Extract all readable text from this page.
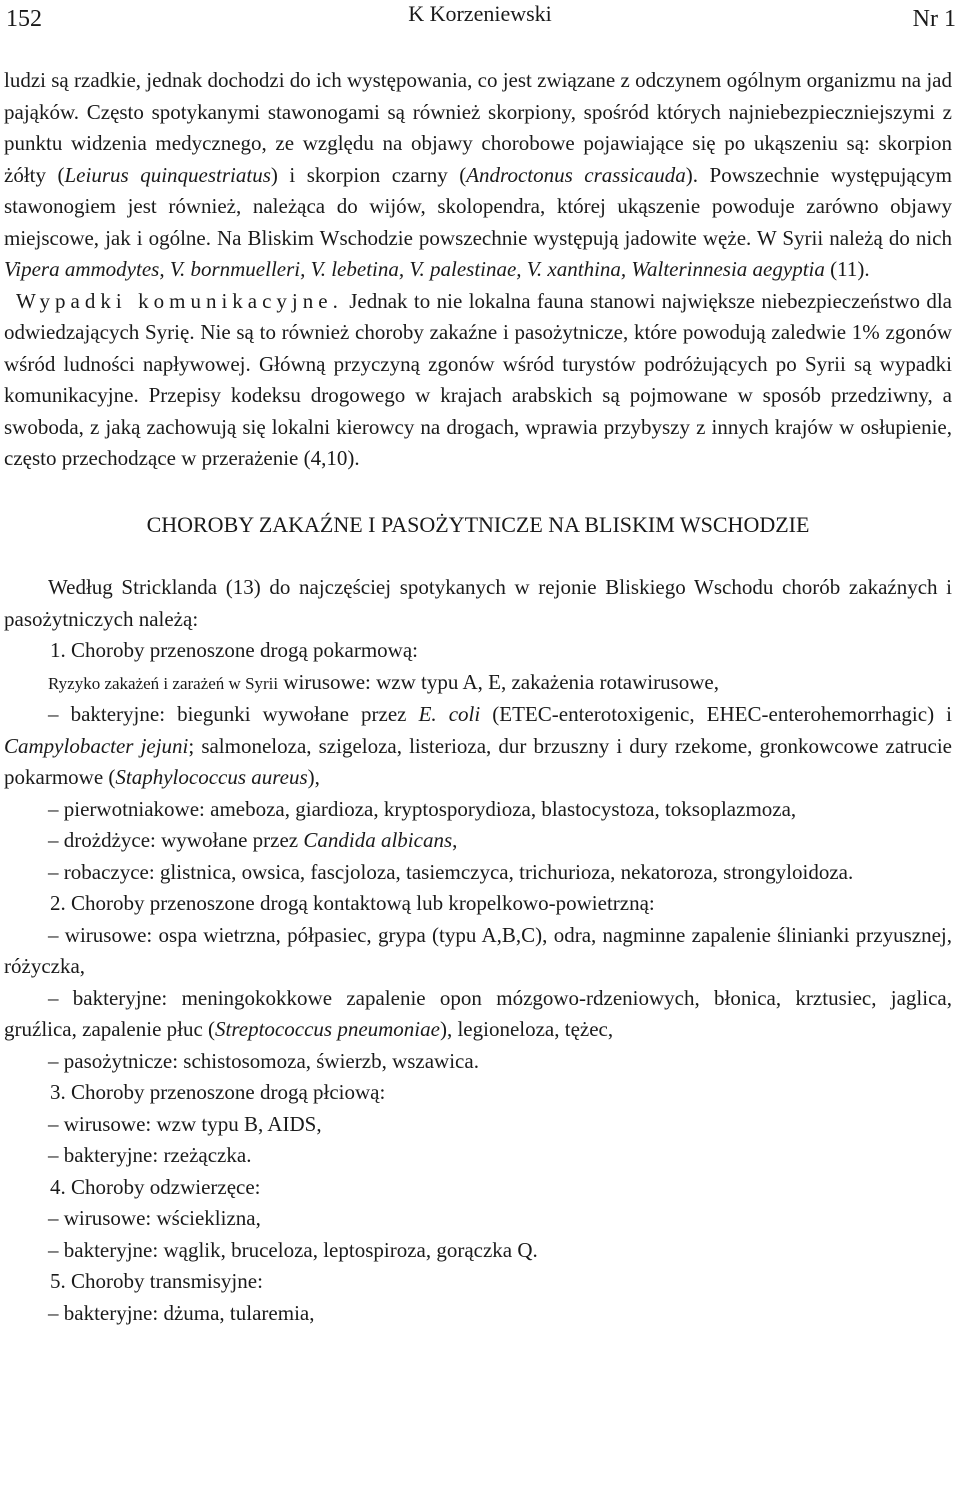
152	K Korzeniewski	Nr 1

ludzi są rzadkie, jednak dochodzi do ich występowania, co jest związane z odczynem ogólnym organizmu na jad pająków. Często spotykanymi stawonogami są również skorpiony, spośród których najniebezpieczniejszymi z punktu widzenia medycznego, ze względu na objawy chorobowe pojawiające się po ukąszeniu są: skorpion żółty (Leiurus quinquestriatus) i skorpion czarny (Androctonus crassicauda). Powszechnie występującym stawonogiem jest również, należąca do wijów, skolopendra, której ukąszenie powoduje zarówno objawy miejscowe, jak i ogólne. Na Bliskim Wschodzie powszechnie występują jadowite węże. W Syrii należą do nich Vipera ammodytes, V. bornmuelleri, V. lebetina, V. palestinae, V. xanthina, Walterinnesia aegyptia (11).

Wypadki komunikacyjne. Jednak to nie lokalna fauna stanowi największe niebezpieczeństwo dla odwiedzających Syrię. Nie są to również choroby zakaźne i pasożytnicze, które powodują zaledwie 1% zgonów wśród ludności napływowej. Główną przyczyną zgonów wśród turystów podróżujących po Syrii są wypadki komunikacyjne. Przepisy kodeksu drogowego w krajach arabskich są pojmowane w sposób przedziwny, a swoboda, z jaką zachowują się lokalni kierowcy na drogach, wprawia przybyszy z innych krajów w osłupienie, często przechodzące w przerażenie (4,10).

CHOROBY ZAKAŹNE I PASOŻYTNICZE NA BLISKIM WSCHODZIE

Według Stricklanda (13) do najczęściej spotykanych w rejonie Bliskiego Wschodu chorób zakaźnych i pasożytniczych należą:

1. Choroby przenoszone drogą pokarmową:

Ryzyko zakażeń i zarażeń w Syrii wirusowe: wzw typu A, E, zakażenia rotawirusowe,

– bakteryjne: biegunki wywołane przez E. coli (ETEC-enterotoxigenic, EHEC-enterohemorrhagic) i Campylobacter jejuni; salmoneloza, szigeloza, listerioza, dur brzuszny i dury rzekome, gronkowcowe zatrucie pokarmowe (Staphylococcus aureus),

– pierwotniakowe: ameboza, giardioza, kryptosporydioza, blastocystoza, toksoplazmoza,

– drożdżyce: wywołane przez Candida albicans,

– robaczyce: glistnica, owsica, fascjoloza, tasiemczyca, trichurioza, nekatoroza, strongyloidoza.

2. Choroby przenoszone drogą kontaktową lub kropelkowo-powietrzną:

– wirusowe: ospa wietrzna, półpasiec, grypa (typu A,B,C), odra, nagminne zapalenie ślinianki przyusznej, różyczka,

– bakteryjne: meningokokkowe zapalenie opon mózgowo-rdzeniowych, błonica, krztusiec, jaglica, gruźlica, zapalenie płuc (Streptococcus pneumoniae), legioneloza, tężec,

– pasożytnicze: schistosomoza, świerzb, wszawica.

3. Choroby przenoszone drogą płciową:
– wirusowe: wzw typu B, AIDS,
– bakteryjne: rzeżączka.
4. Choroby odzwierzęce:
– wirusowe: wścieklizna,
– bakteryjne: wąglik, bruceloza, leptospiroza, gorączka Q.
5. Choroby transmisyjne:
– bakteryjne: dżuma, tularemia,
